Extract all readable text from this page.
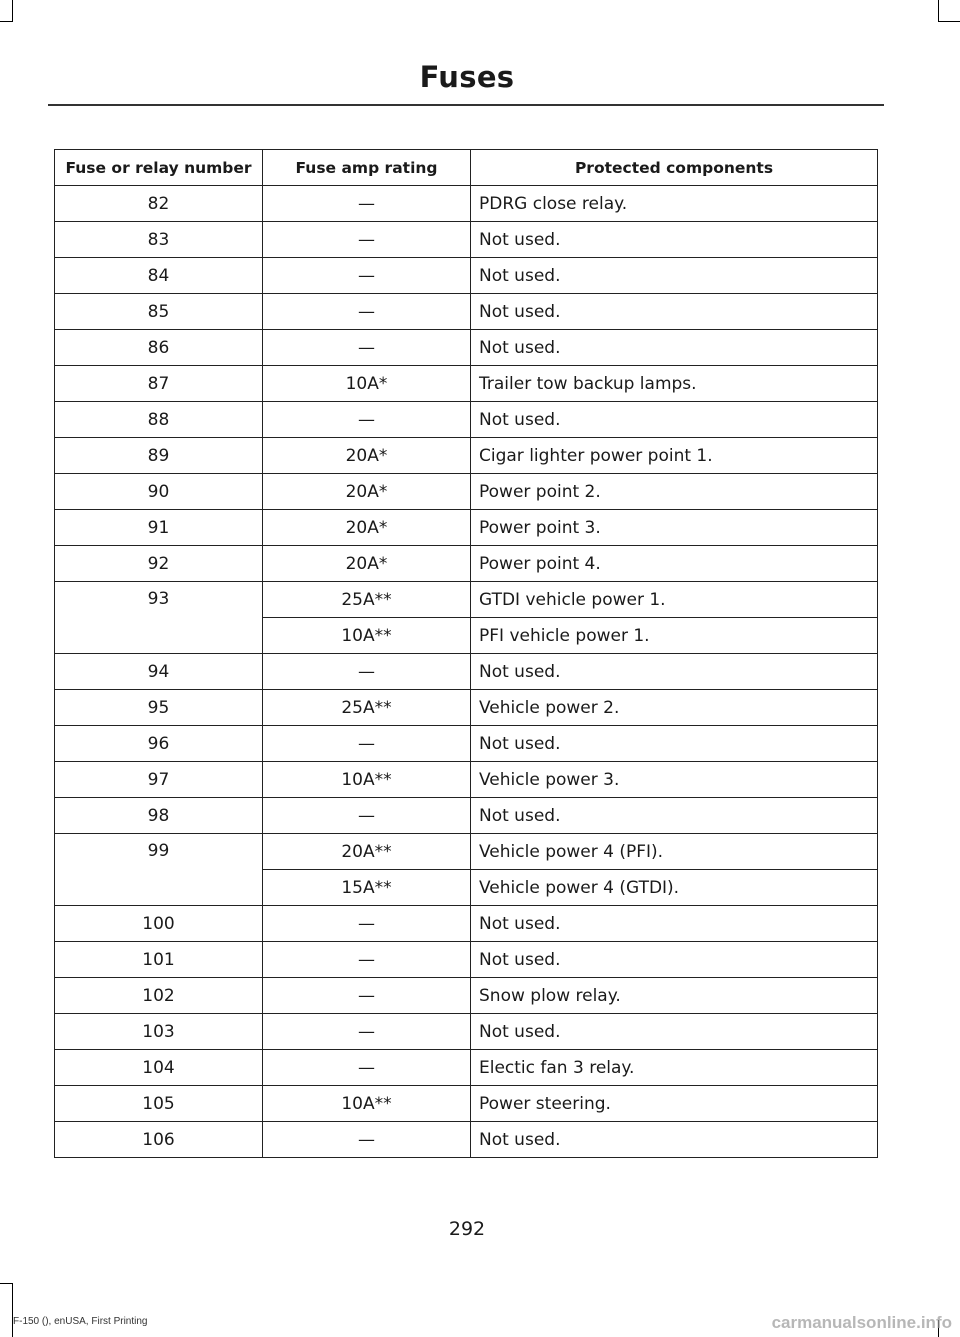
Fuses
Fuse or relay number	Fuse amp rating	Protected components
82	—	PDRG close relay.
83	—	Not used.
84	—	Not used.
85	—	Not used.
86	—	Not used.
87	10A*	Trailer tow backup lamps.
88	—	Not used.
89	20A*	Cigar lighter power point 1.
90	20A*	Power point 2.
91	20A*	Power point 3.
92	20A*	Power point 4.
93	25A**	GTDI vehicle power 1.
	10A**	PFI vehicle power 1.
94	—	Not used.
95	25A**	Vehicle power 2.
96	—	Not used.
97	10A**	Vehicle power 3.
98	—	Not used.
99	20A**	Vehicle power 4 (PFI).
	15A**	Vehicle power 4 (GTDI).
100	—	Not used.
101	—	Not used.
102	—	Snow plow relay.
103	—	Not used.
104	—	Electic fan 3 relay.
105	10A**	Power steering.
106	—	Not used.
292
F-150 (), enUSA, First Printing	carmanualsonline.info
